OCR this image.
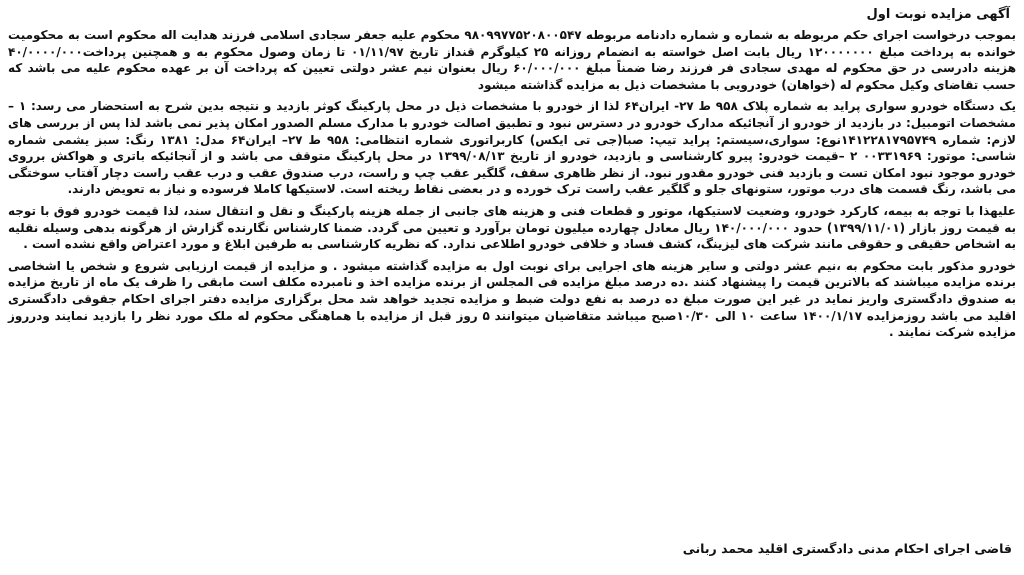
آگهی مزایده نوبت اول

بموجب درخواست اجرای حکم مربوطه به شماره و شماره دادنامه مربوطه ۹۸۰۹۹۷۷۵۲۰۸۰۰۵۴۷ محکوم علیه جعفر سجادی اسلامی فرزند هدایت اله محکوم است به محکومیت خوانده به پرداخت مبلغ ۱۲۰۰۰۰۰۰۰ ریال بابت اصل خواسته به انضمام روزانه ۲۵ کیلوگرم قنداز تاریخ ۰۱/۱۱/۹۷ تا زمان وصول محکوم به و همچنین پرداخت۴۰/۰۰۰۰/۰۰۰ هزینه دادرسی در حق محکوم له مهدی سجادی فر فرزند رضا ضمناً مبلغ ۶۰/۰۰۰/۰۰۰ ریال بعنوان نیم عشر دولتی تعیین که پرداخت آن بر عهده محکوم علیه می باشد که حسب تقاضای وکیل محکوم له (خواهان) خودرویی با مشخصات ذیل به مزایده گذاشته میشود

یک دستگاه خودرو سواری پراید به شماره پلاک ۹۵۸ ط ۲۷- ایران۶۴ لذا از خودرو با مشخصات ذیل در محل پارکینگ کوثر بازدید و نتیجه بدین شرح به استحضار می رسد: ۱ – مشخصات اتومبیل: در بازدید از خودرو از آنجائیکه مدارک خودرو در دسترس نبود و تطبیق اصالت خودرو با مدارک مسلم الصدور امکان پذیر نمی باشد لذا پس از بررسی های لازم: شماره ۱۴۱۲۲۸۱۷۹۵۷۴۹نوع: سواری،سیستم: پراید تیپ: صبا(جی تی ایکس) کاربراتوری شماره انتظامی: ۹۵۸ ط ۲۷– ایران۶۴ مدل: ۱۳۸۱ رنگ: سبز یشمی شماره شاسی: موتور: ۰۰۳۳۱۹۶۹ ۲ –قیمت خودرو: پیرو کارشناسی و بازدید، خودرو از تاریخ ۱۳۹۹/۰۸/۱۳ در محل پارکینگ متوقف می باشد و از آنجائیکه باتری و هواکش برروی خودرو موجود نبود امکان تست و بازدید فنی خودرو مقدور نبود. از نظر ظاهری سقف، گلگیر عقب چپ و راست، درب صندوق عقب و درب عقب راست دچار آفتاب سوختگی می باشد، رنگ قسمت های درب موتور، ستونهای جلو و گلگیر عقب راست ترک خورده و در بعضی نقاط ریخته است. لاستیکها کاملا فرسوده و نیاز به تعویض دارند.

علیهذا با توجه به بیمه، کارکرد خودرو، وضعیت لاستیکها، موتور و قطعات فنی و هزینه های جانبی از جمله هزینه پارکینگ و نقل و انتقال سند، لذا قیمت خودرو فوق با توجه به قیمت روز بازار (۱۳۹۹/۱۱/۰۱) حدود ۱۴۰/۰۰۰/۰۰۰ ریال معادل چهارده میلیون تومان برآورد و تعیین می گردد. ضمنا کارشناس نگارنده گزارش از هرگونه بدهی وسیله نقلیه به اشخاص حقیقی و حقوقی مانند شرکت های لیزینگ، کشف فساد و خلافی خودرو اطلاعی ندارد. که نظریه کارشناسی به طرفین ابلاغ و مورد اعتراض واقع نشده است .

خودرو مذکور بابت محکوم به ،نیم عشر دولتی و سایر هزینه های اجرایی برای نوبت اول به مزایده گذاشته میشود . و مزایده از قیمت ارزیابی شروع و شخص یا اشخاصی برنده مزایده میباشند که بالاترین قیمت را پیشنهاد کنند .ده درصد مبلغ مزایده فی المجلس از برنده مزایده اخذ و نامبرده مکلف است مابقی را ظرف یک ماه از تاریخ مزایده به صندوق دادگستری واریز نماید در غیر این صورت مبلغ ده درصد به نفع دولت ضبط و مزایده تجدید خواهد شد محل برگزاری مزایده دفتر اجرای احکام جقوقی دادگستری اقلید می باشد روزمزایده ۱۴۰۰/۱/۱۷ ساعت ۱۰ الی ۱۰/۳۰صبح میباشد متقاضیان میتوانند ۵ روز قبل از مزایده با هماهنگی محکوم له ملک مورد نظر را بازدید نمایند ودرروز مزایده شرکت نمایند .

قاضی اجرای احکام مدنی دادگستری اقلید محمد ربانی
